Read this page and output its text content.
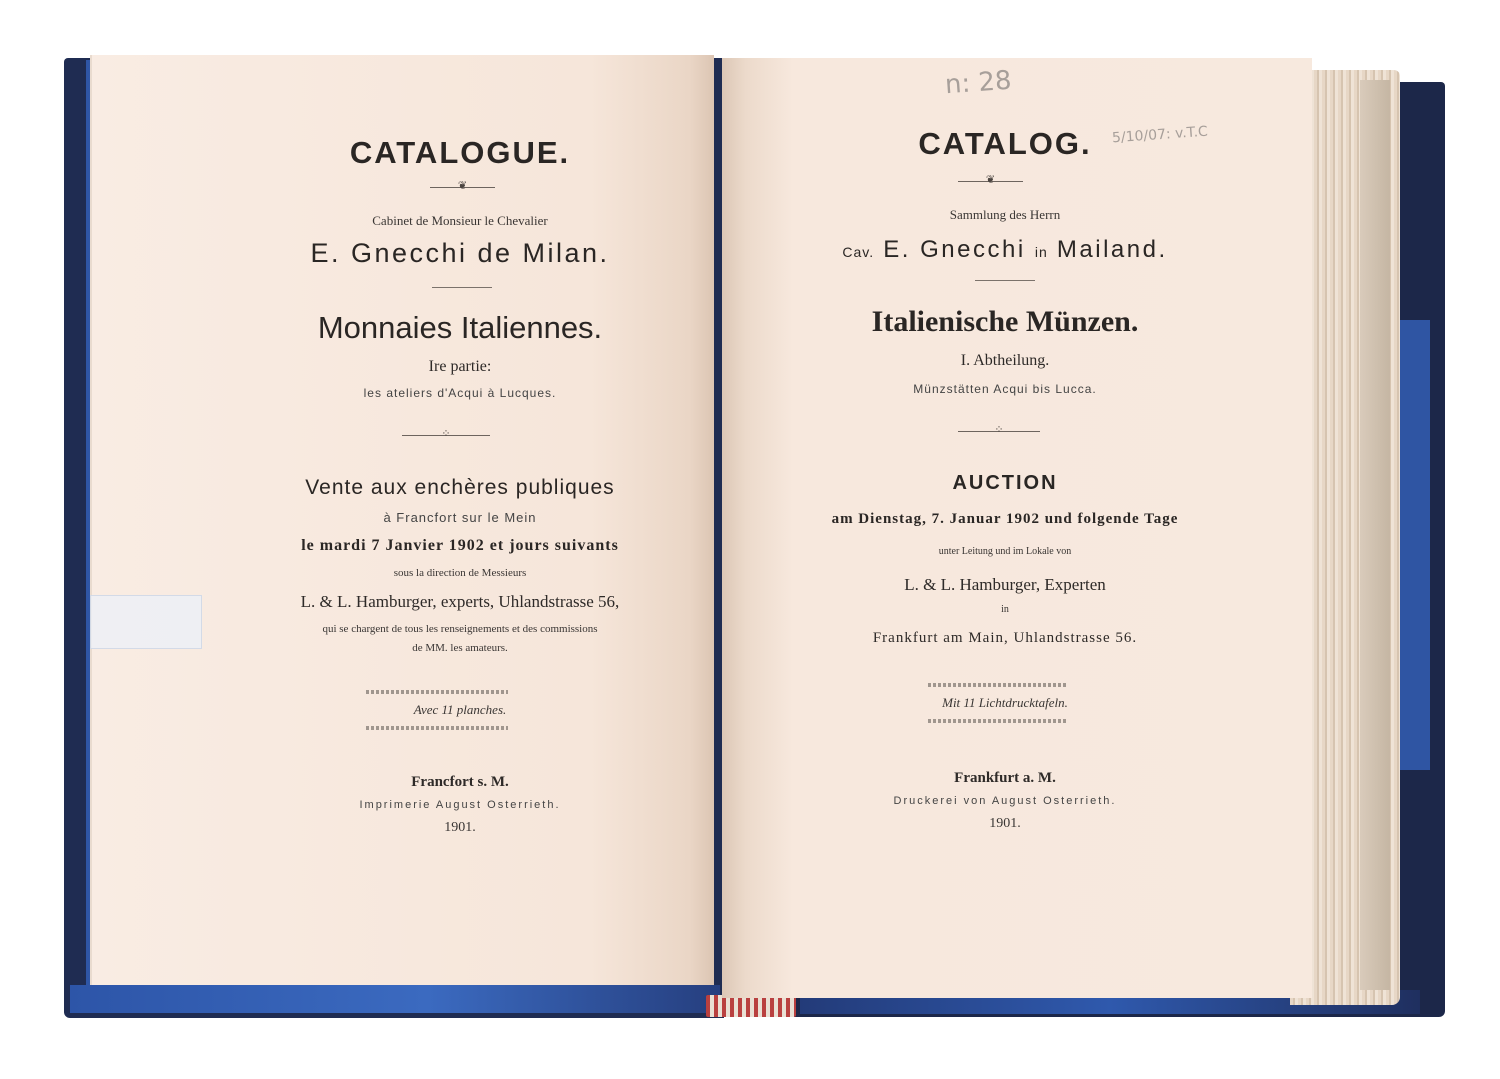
CATALOGUE.
❦
Cabinet de Monsieur le Chevalier
E. Gnecchi de Milan.
Monnaies Italiennes.
Ire partie:
les ateliers d'Acqui à Lucques.
⁘
Vente aux enchères publiques
à Francfort sur le Mein
le mardi 7 Janvier 1902 et jours suivants
sous la direction de Messieurs
L. & L. Hamburger, experts, Uhlandstrasse 56,
qui se chargent de tous les renseignements et des commissions
de MM. les amateurs.
Avec 11 planches.
Francfort s. M.
Imprimerie August Osterrieth.
1901.
n: 28
5/10/07: v.T.C
CATALOG.
❦
Sammlung des Herrn
Cav. E. Gnecchi in Mailand.
Italienische Münzen.
I. Abtheilung.
Münzstätten Acqui bis Lucca.
⁘
AUCTION
am Dienstag, 7. Januar 1902 und folgende Tage
unter Leitung und im Lokale von
L. & L. Hamburger, Experten
in
Frankfurt am Main, Uhlandstrasse 56.
Mit 11 Lichtdrucktafeln.
Frankfurt a. M.
Druckerei von August Osterrieth.
1901.
